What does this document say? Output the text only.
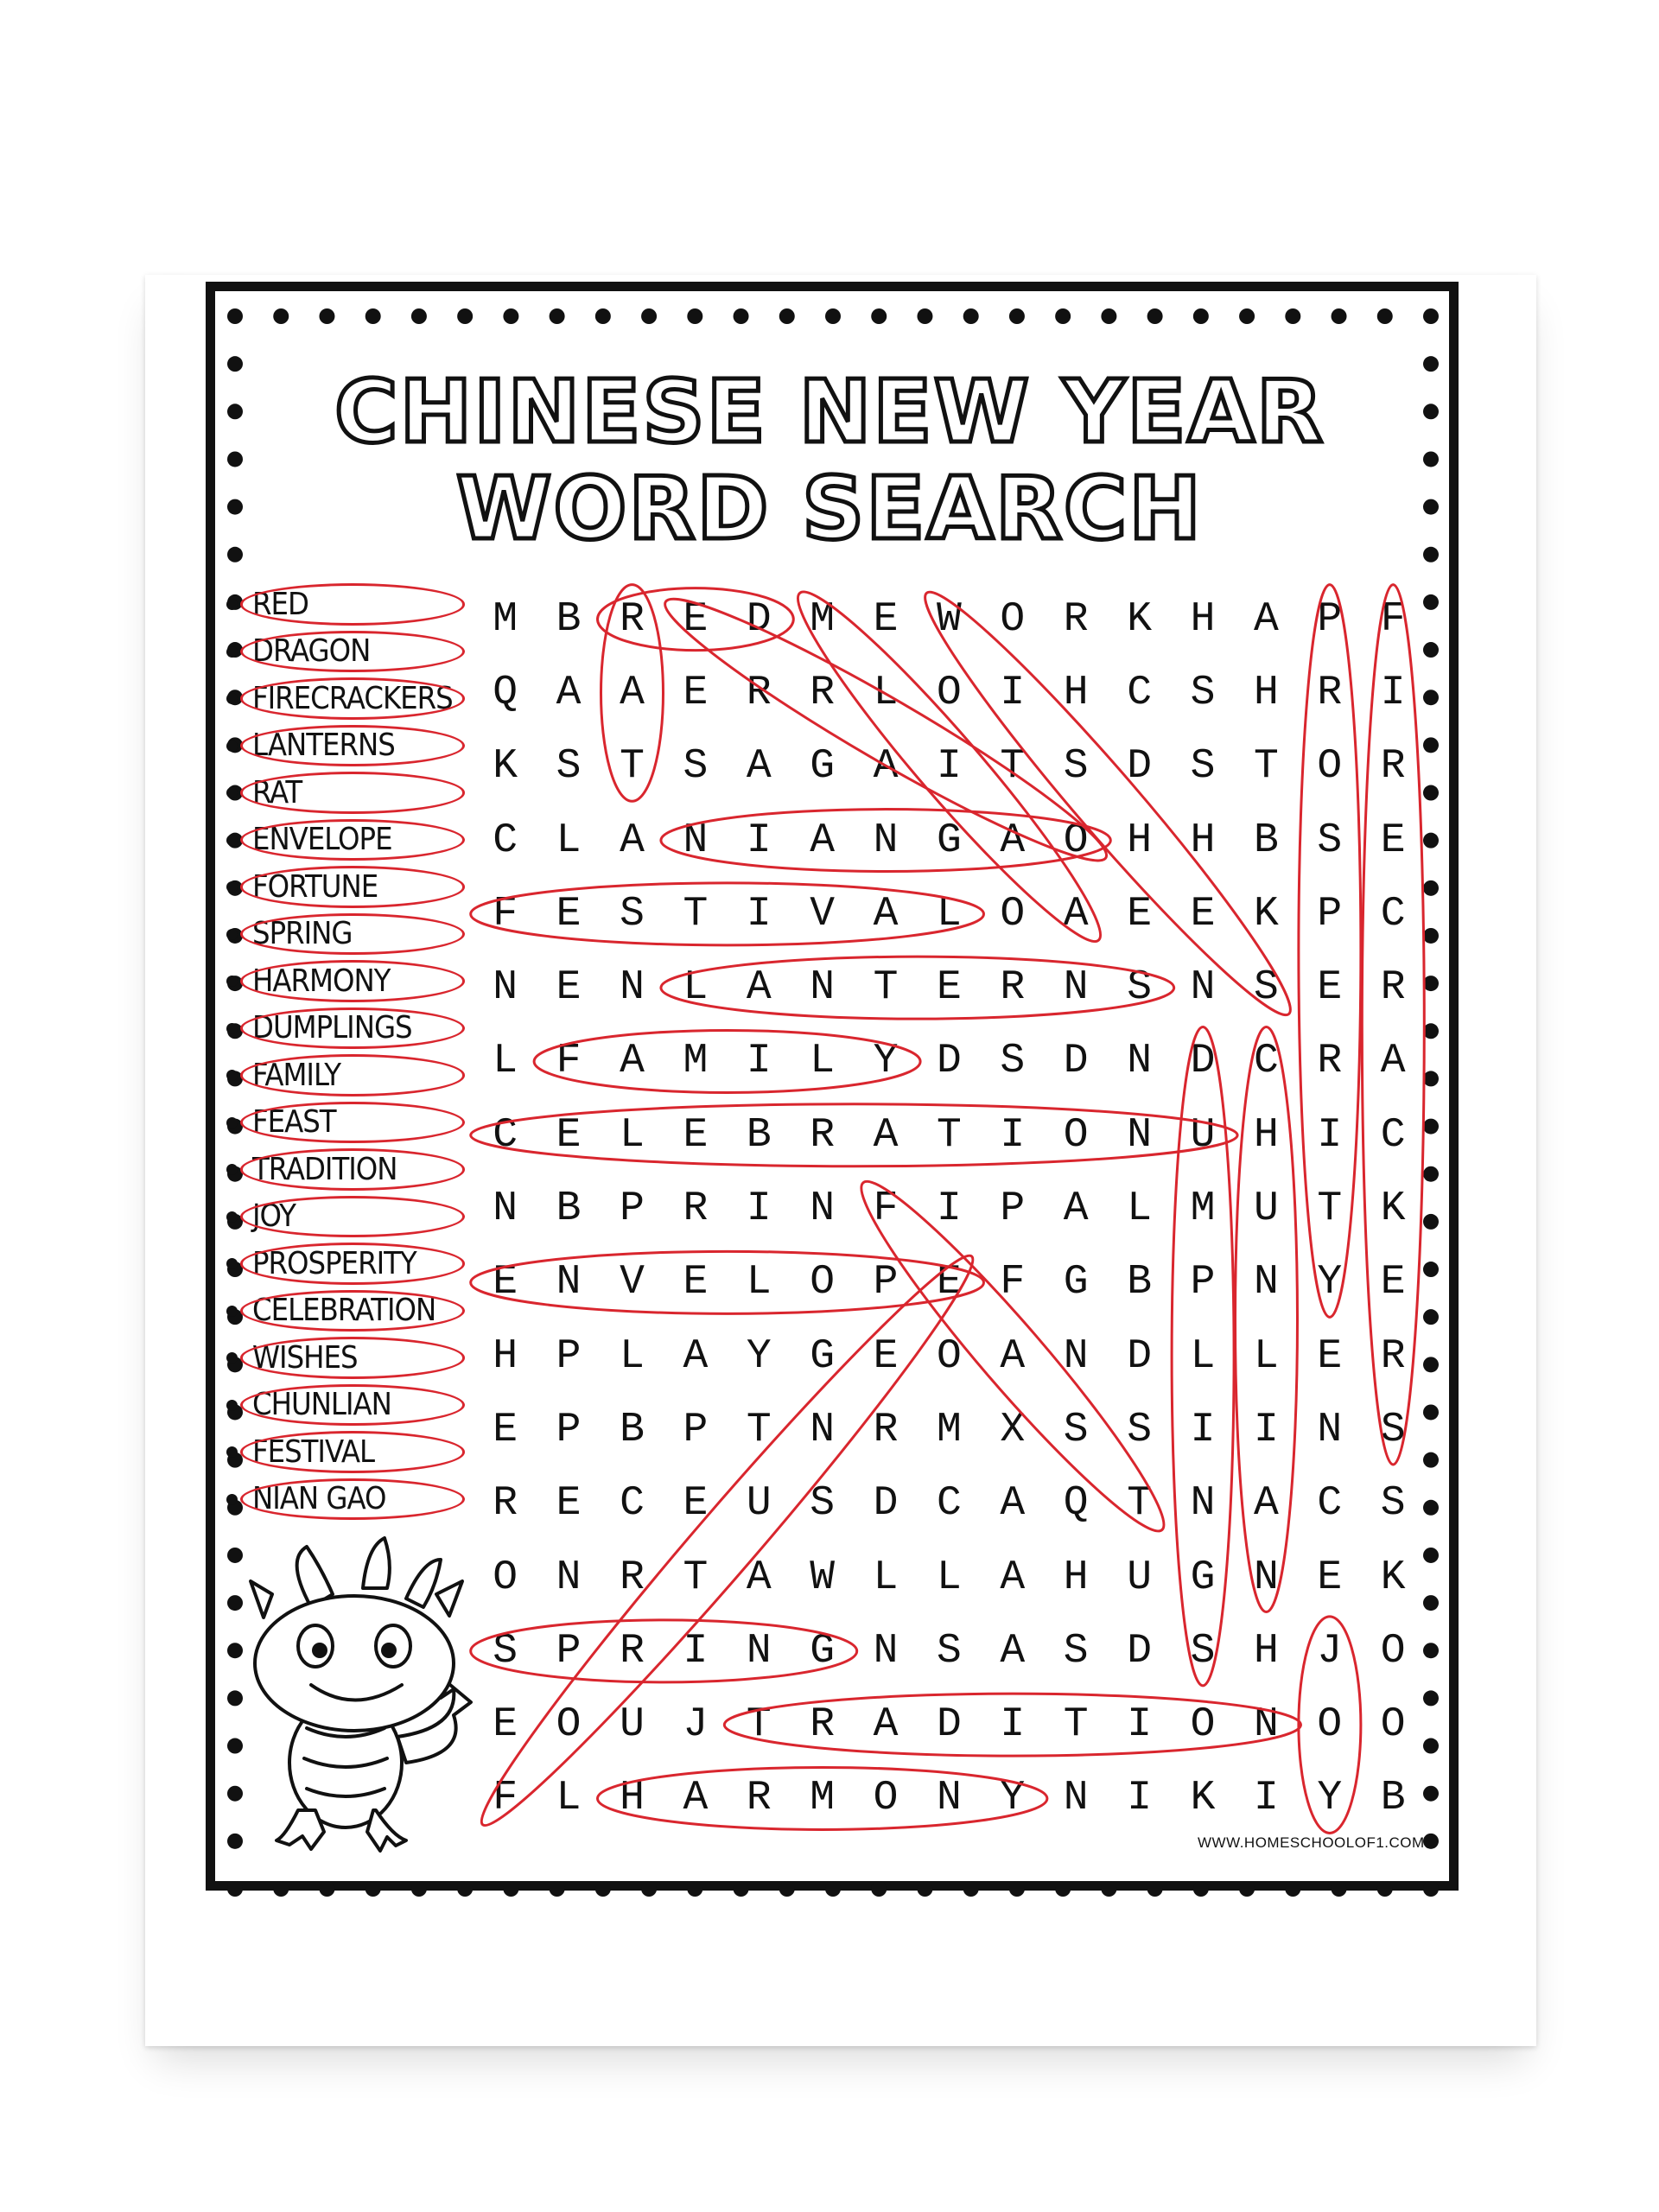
CHINESE NEW YEAR
WORD SEARCH
RED
DRAGON
FIRECRACKERS
LANTERNS
RAT
ENVELOPE
FORTUNE
SPRING
HARMONY
DUMPLINGS
FAMILY
FEAST
TRADITION
JOY
PROSPERITY
CELEBRATION
WISHES
CHUNLIAN
FESTIVAL
NIAN GAO
M B R E D M E W O R K H A P F
Q A A E R R L O I H C S H R I
K S T S A G A I T S D S T O R
C L A N I A N G A O H H B S E
F E S T I V A L O A E E K P C
N E N L A N T E R N S N S E R
L F A M I L Y D S D N D C R A
C E L E B R A T I O N U H I C
N B P R I N F I P A L M U T K
E N V E L O P E F G B P N Y E
H P L A Y G E O A N D L L E R
E P B P T N R M X S S I I N S
R E C E U S D C A Q T N A C S
O N R T A W L L A H U G N E K
S P R I N G N S A S D S H J O
E O U J T R A D I T I O N O O
F L H A R M O N Y N I K I Y B
WWW.HOMESCHOOLOF1.COM
